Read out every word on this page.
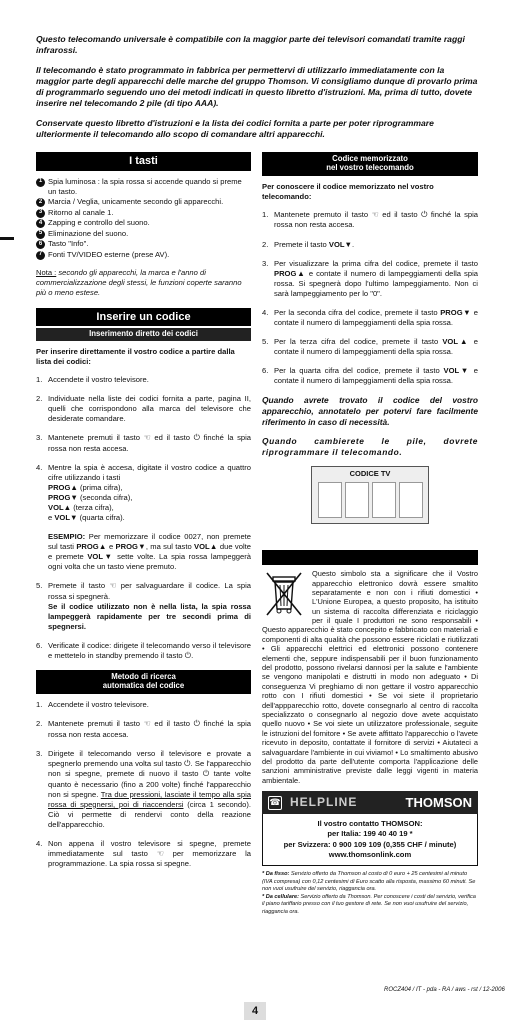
Questo telecomando universale è compatibile con la maggior parte dei televisori comandati tramite raggi infrarossi.

Il telecomando è stato programmato in fabbrica per permettervi di utilizzarlo immediatamente con la maggior parte degli apparecchi delle marche del gruppo Thomson. Vi consigliamo dunque di provarlo prima di programmarlo seguendo uno dei metodi indicati in questo libretto d'istruzioni. Ma, prima di tutto, dovete inserire nel telecomando 2 pile (di tipo AAA).

Conservate questo libretto d'istruzioni e la lista dei codici fornita a parte per poter riprogrammare ulteriormente il telecomando allo scopo di comandare altri apparecchi.

I tasti
1 Spia luminosa : la spia rossa si accende quando si preme un tasto.
2 Marcia / Veglia, unicamente secondo gli apparecchi.
3 Ritorno al canale 1.
4 Zapping e controllo del suono.
5 Eliminazione del suono.
6 Tasto "Info".
7 Fonti TV/VIDEO esterne (prese AV).

Nota : secondo gli apparecchi, la marca e l'anno di commercializzazione degli stessi, le funzioni coperte saranno più o meno estese.

Inserire un codice
Inserimento diretto dei codici

Per inserire direttamente il vostro codice a partire dalla lista dei codici:

1. Accendete il vostro televisore.
2. Individuate nella liste dei codici fornita a parte, pagina II, quelli che corrispondono alla marca del televisore che desiderate comandare.
3. Mantenete premuti il tasto ☜ ed il tasto ⏻ finché la spia rossa non resta accesa.
4. Mentre la spia è accesa, digitate il vostro codice a quattro cifre utilizzando i tasti
PROG▲ (prima cifra),
PROG▼ (seconda cifra),
VOL▲ (terza cifra),
e VOL▼ (quarta cifra).
ESEMPIO: Per memorizzare il codice 0027, non premete sul tasti PROG▲ e PROG▼, ma sul tasto VOL▲ due volte e premete VOL▼ sette volte. La spia rossa lampeggerà ogni volta che un tasto viene premuto.
5. Premete il tasto ☜ per salvaguardare il codice. La spia rossa si spegnerà.
Se il codice utilizzato non è nella lista, la spia rossa lampeggerà rapidamente per tre secondi prima di spegnersi.
6. Verificate il codice: dirigete il telecomando verso il televisore e mettetelo in standby premendo il tasto ⏻.
Metodo di ricerca
automatica del codice
1. Accendete il vostro televisore.
2. Mantenete premuti il tasto ☜ ed il tasto ⏻ finché la spia rossa non resta accesa.
3. Dirigete il telecomando verso il televisore e provate a spegnerlo premendo una volta sul tasto ⏻. Se l'apparecchio non si spegne, premete di nuovo il tasto ⏻ tante volte quanto è necessario (fino a 200 volte) finché l'apparecchio non si spegne. Tra due pressioni, lasciate il tempo alla spia rossa di spegnersi, poi di riaccendersi (circa 1 secondo). Ciò vi permette di rendervi conto della reazione dell'apparecchio.
4. Non appena il vostro televisore si spegne, premete immediatamente sul tasto ☜ per memorizzare la programmazione. La spia rossa si spegne.
Codice memorizzato
nel vostro telecomando

Per conoscere il codice memorizzato nel vostro telecomando:

1. Mantenete premuto il tasto ☜ ed il tasto ⏻ finché la spia rossa non resta accesa.
2. Premete il tasto VOL▼.
3. Per visualizzare la prima cifra del codice, premete il tasto PROG▲ e contate il numero di lampeggiamenti della spia rossa. Si spegnerà dopo l'ultimo lampeggiamento. Non ci sarà lampeggiamento per lo "0".
4. Per la seconda cifra del codice, premete il tasto PROG▼ e contate il numero di lampeggiamenti della spia rossa.
5. Per la terza cifra del codice, premete il tasto VOL▲ e contate il numero di lampeggiamenti della spia rossa.
6. Per la quarta cifra del codice, premete il tasto VOL▼ e contate il numero di lampeggiamenti della spia rossa.

Quando avrete trovato il codice del vostro apparecchio, annotatelo per potervi fare facilmente riferimento in caso di necessità.

Quando cambierete le pile, dovrete riprogrammare il telecomando.

CODICE TV
Questo simbolo sta a significare che il Vostro apparecchio elettronico dovrà essere smaltito separatamente e non con i rifiuti domestici • L'Unione Europea, a questo proposito, ha istituito un sistema di raccolta differenziata e riciclaggio per il quale I produttori ne sono responsabili • Questo apparecchio è stato concepito e fabbricato con materiali e componenti di alta qualità che possono essere riciclati e riutilizzati • Gli apparecchi elettrici ed elettronici possono contenere elementi che, seppure indispensabili per il buon funzionamento del prodotto, possono rivelarsi dannosi per la salute e l'ambiente se vengono manipolati e distrutti in modo non adeguato • Di conseguenza Vi preghiamo di non gettare il vostro apparecchio rotto con I rifiuti domestici • Se voi siete il proprietario dell'appparecchio rotto, dovete consegnarlo al centro di raccolta specializzato o consegnarlo al negozio dove avete acquistato quello nuovo • Se voi siete un utilizzatore professionale, seguite le istruzioni del fornitore • Se avete affittato l'apparecchio o l'avete ricevuto in deposito, contattate il fornitore di servizi • Aiutateci a salvaguardare l'ambiente in cui viviamo! • Lo smaltimento abusivo del prodotto da parte dell'utente comporta l'applicazione delle sanzioni amministrative previste dalle leggi vigenti in materia ambientale.
☎ HELPLINE	THOMSON
Il vostro contatto THOMSON:
per Italia: 199 40 40 19 *
per Svizzera: 0 900 109 109 (0,355 CHF / minute)
www.thomsonlink.com

* Da fisso: Servizio offerto da Thomson al costo di 0 euro + 25 centesimi al minuto (IVA compresa) con 0,12 centesimi di Euro scatto alla risposta, massimo 60 minuti. Se non vuoi usufruire del servizio, riaggancia ora.

* Da cellulare: Servizio offerto da Thomson. Per conoscere i costi del servizio, verifica il piano tariffario presso con il tuo gestore di rete. Se non vuoi usufruire del servizio, riaggancia ora.

ROCZ404 / IT - pda - RA / aws - rst / 12-2006
4
